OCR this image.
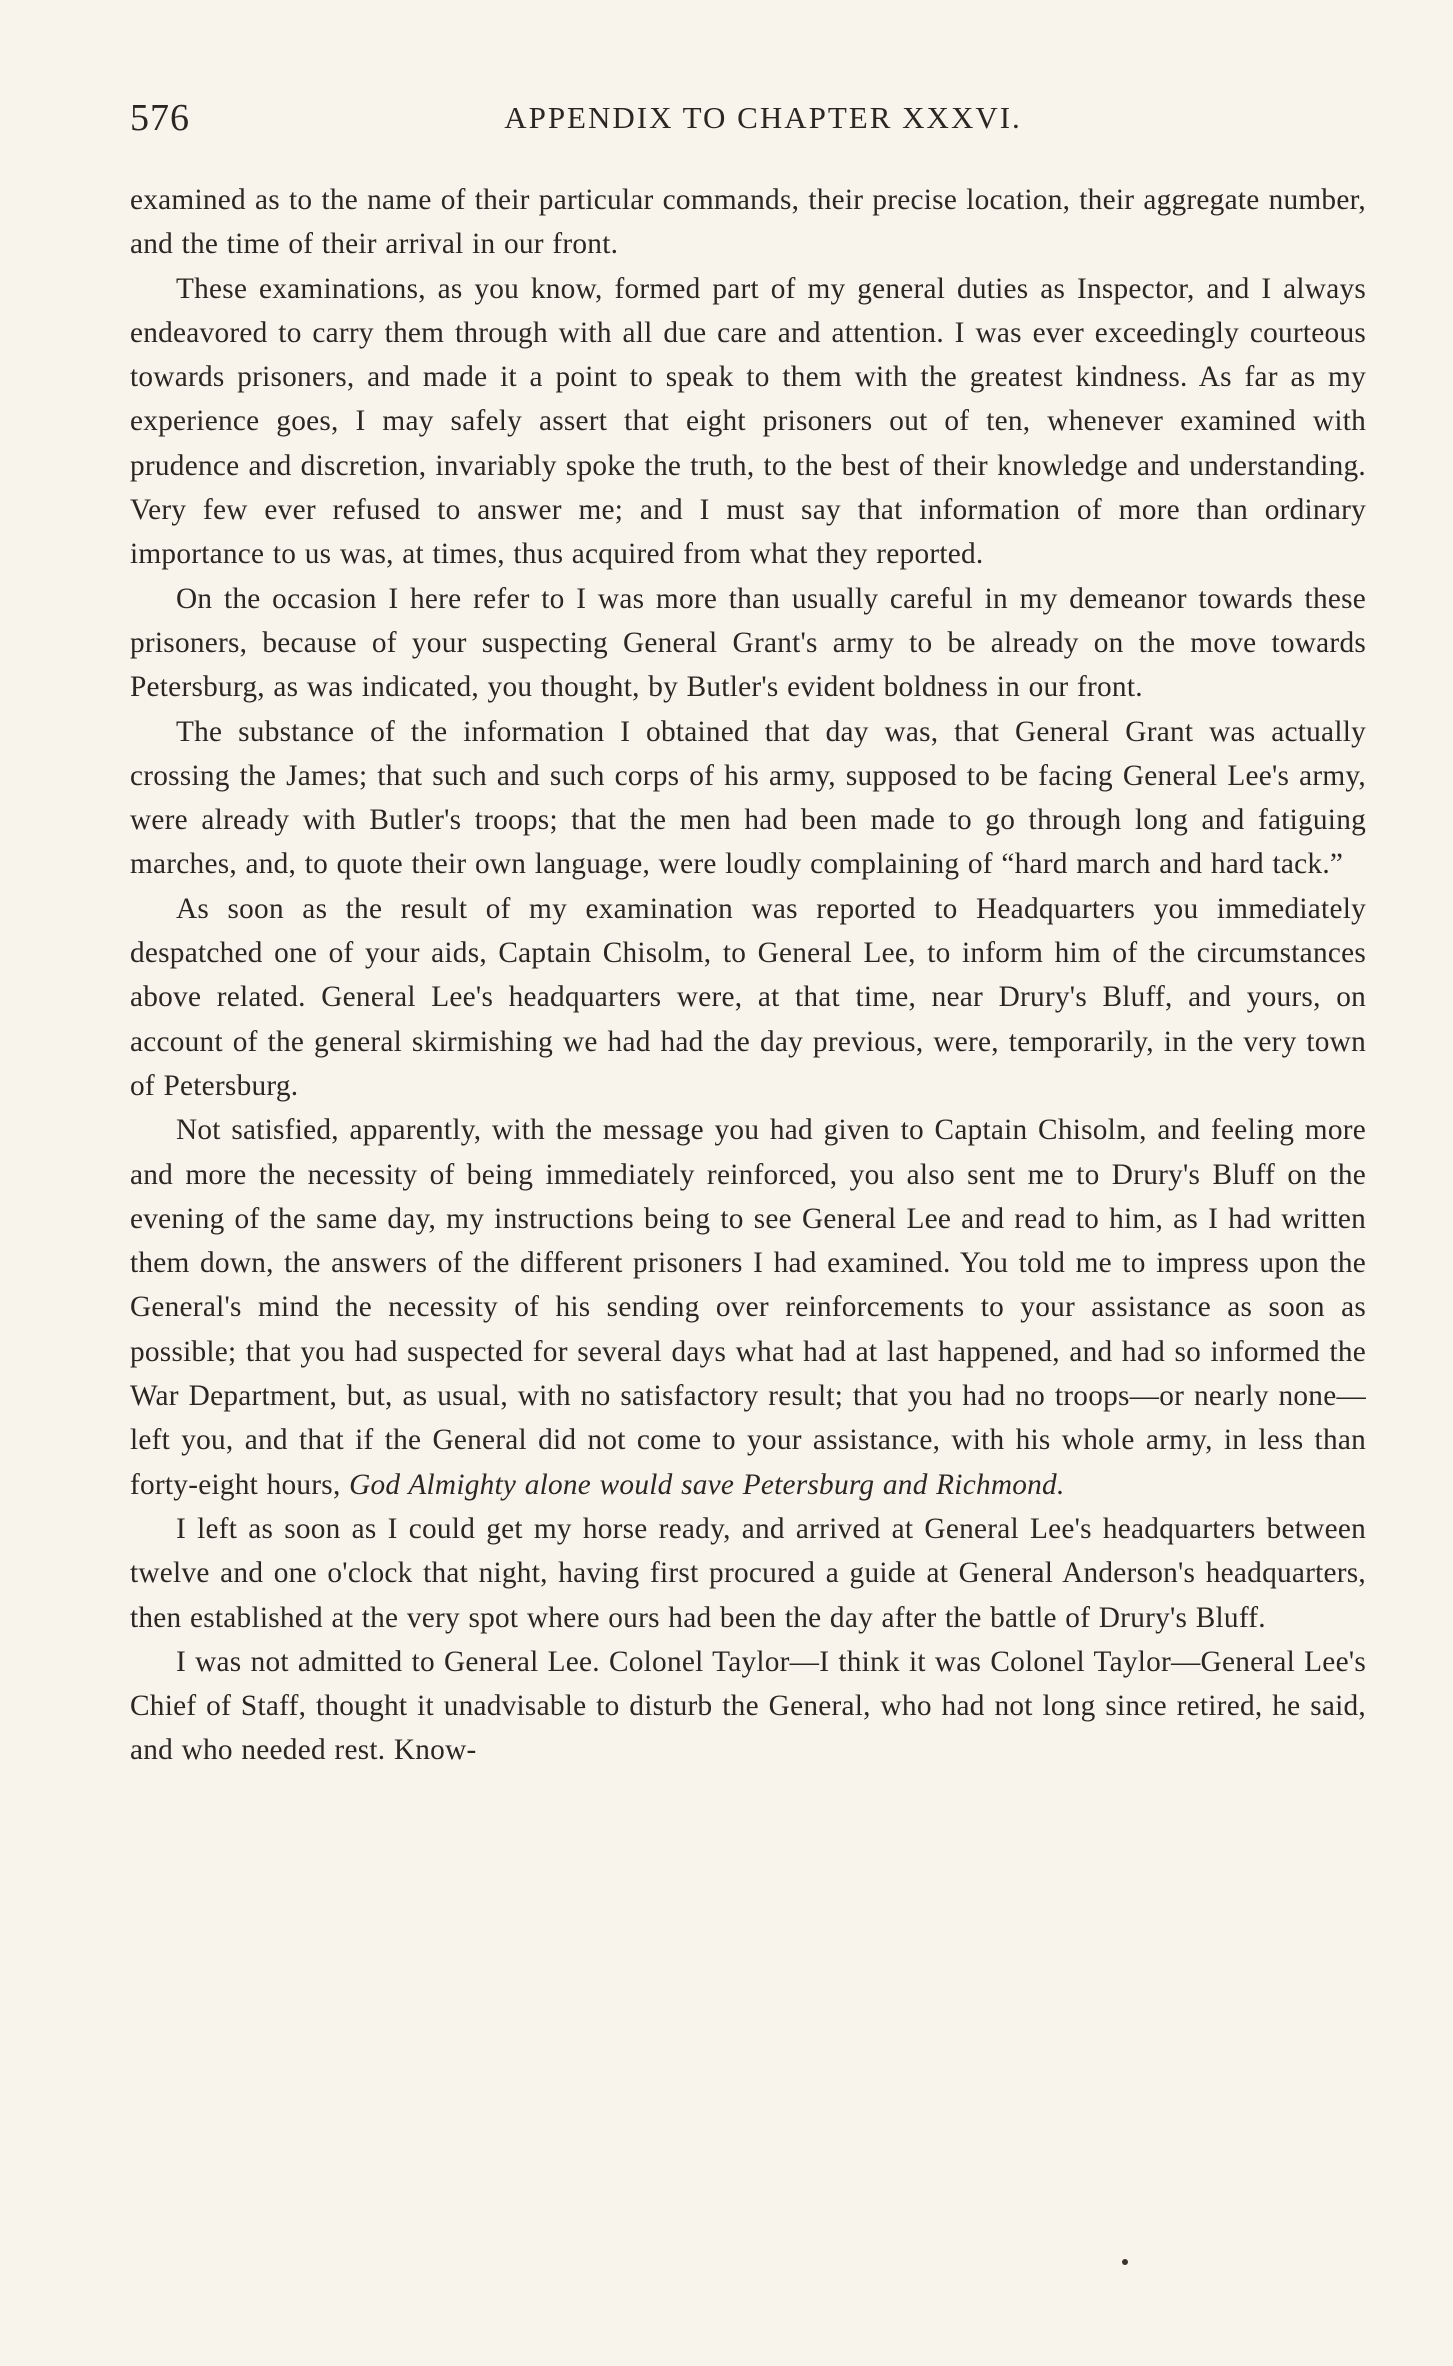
576	APPENDIX TO CHAPTER XXXVI.

examined as to the name of their particular commands, their precise location, their aggregate number, and the time of their arrival in our front.

These examinations, as you know, formed part of my general duties as Inspector, and I always endeavored to carry them through with all due care and attention. I was ever exceedingly courteous towards prisoners, and made it a point to speak to them with the greatest kindness. As far as my experience goes, I may safely assert that eight prisoners out of ten, whenever examined with prudence and discretion, invariably spoke the truth, to the best of their knowledge and understanding. Very few ever refused to answer me; and I must say that information of more than ordinary importance to us was, at times, thus acquired from what they reported.

On the occasion I here refer to I was more than usually careful in my demeanor towards these prisoners, because of your suspecting General Grant's army to be already on the move towards Petersburg, as was indicated, you thought, by Butler's evident boldness in our front.

The substance of the information I obtained that day was, that General Grant was actually crossing the James; that such and such corps of his army, supposed to be facing General Lee's army, were already with Butler's troops; that the men had been made to go through long and fatiguing marches, and, to quote their own language, were loudly complaining of “hard march and hard tack.”

As soon as the result of my examination was reported to Headquarters you immediately despatched one of your aids, Captain Chisolm, to General Lee, to inform him of the circumstances above related. General Lee's headquarters were, at that time, near Drury's Bluff, and yours, on account of the general skirmishing we had had the day previous, were, temporarily, in the very town of Petersburg.

Not satisfied, apparently, with the message you had given to Captain Chisolm, and feeling more and more the necessity of being immediately reinforced, you also sent me to Drury's Bluff on the evening of the same day, my instructions being to see General Lee and read to him, as I had written them down, the answers of the different prisoners I had examined. You told me to impress upon the General's mind the necessity of his sending over reinforcements to your assistance as soon as possible; that you had suspected for several days what had at last happened, and had so informed the War Department, but, as usual, with no satisfactory result; that you had no troops—or nearly none—left you, and that if the General did not come to your assistance, with his whole army, in less than forty-eight hours, God Almighty alone would save Petersburg and Richmond.

I left as soon as I could get my horse ready, and arrived at General Lee's headquarters between twelve and one o'clock that night, having first procured a guide at General Anderson's headquarters, then established at the very spot where ours had been the day after the battle of Drury's Bluff.

I was not admitted to General Lee. Colonel Taylor—I think it was Colonel Taylor—General Lee's Chief of Staff, thought it unadvisable to disturb the General, who had not long since retired, he said, and who needed rest. Know-
